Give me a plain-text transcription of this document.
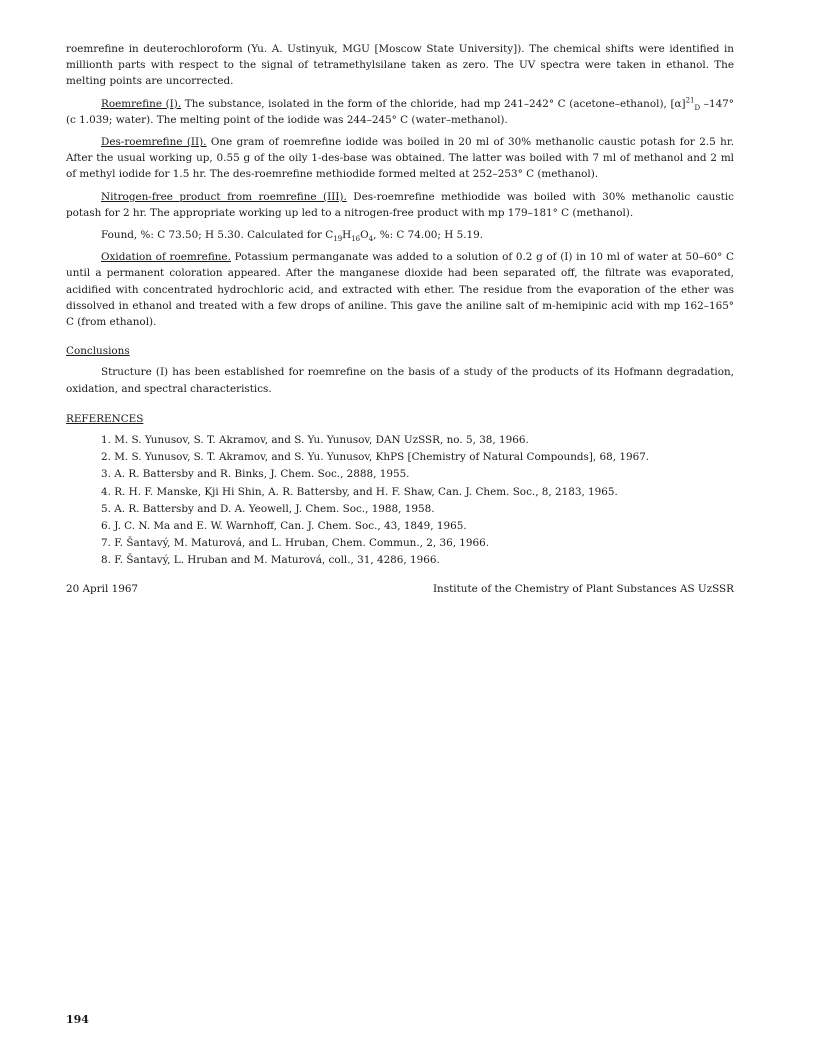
roemrefine in deuterochloroform (Yu. A. Ustinyuk, MGU [Moscow State University]). The chemical shifts were identified in millionth parts with respect to the signal of tetramethylsilane taken as zero. The UV spectra were taken in ethanol. The melting points are uncorrected.

Roemrefine (I). The substance, isolated in the form of the chloride, had mp 241–242° C (acetone–ethanol), $[\alpha]^{21}_D$ –147° (c 1.039; water). The melting point of the iodide was 244–245° C (water–methanol).

Des-roemrefine (II). One gram of roemrefine iodide was boiled in 20 ml of 30% methanolic caustic potash for 2.5 hr. After the usual working up, 0.55 g of the oily 1-des-base was obtained. The latter was boiled with 7 ml of methanol and 2 ml of methyl iodide for 1.5 hr. The des-roemrefine methiodide formed melted at 252–253° C (methanol).

Nitrogen-free product from roemrefine (III). Des-roemrefine methiodide was boiled with 30% methanolic caustic potash for 2 hr. The appropriate working up led to a nitrogen-free product with mp 179–181° C (methanol).

Found, %: C 73.50; H 5.30. Calculated for $C_{19}H_{16}O_4$, %: C 74.00; H 5.19.

Oxidation of roemrefine. Potassium permanganate was added to a solution of 0.2 g of (I) in 10 ml of water at 50–60° C until a permanent coloration appeared. After the manganese dioxide had been separated off, the filtrate was evaporated, acidified with concentrated hydrochloric acid, and extracted with ether. The residue from the evaporation of the ether was dissolved in ethanol and treated with a few drops of aniline. This gave the aniline salt of m-hemipinic acid with mp 162–165° C (from ethanol).

Conclusions

Structure (I) has been established for roemrefine on the basis of a study of the products of its Hofmann degradation, oxidation, and spectral characteristics.

REFERENCES
1. M. S. Yunusov, S. T. Akramov, and S. Yu. Yunusov, DAN UzSSR, no. 5, 38, 1966.
2. M. S. Yunusov, S. T. Akramov, and S. Yu. Yunusov, KhPS [Chemistry of Natural Compounds], 68, 1967.
3. A. R. Battersby and R. Binks, J. Chem. Soc., 2888, 1955.
4. R. H. F. Manske, Kji Hi Shin, A. R. Battersby, and H. F. Shaw, Can. J. Chem. Soc., 8, 2183, 1965.
5. A. R. Battersby and D. A. Yeowell, J. Chem. Soc., 1988, 1958.
6. J. C. N. Ma and E. W. Warnhoff, Can. J. Chem. Soc., 43, 1849, 1965.
7. F. Šantavý, M. Maturová, and L. Hruban, Chem. Commun., 2, 36, 1966.
8. F. Šantavý, L. Hruban and M. Maturová, coll., 31, 4286, 1966.
20 April 1967	Institute of the Chemistry of Plant Substances AS UzSSR
194
